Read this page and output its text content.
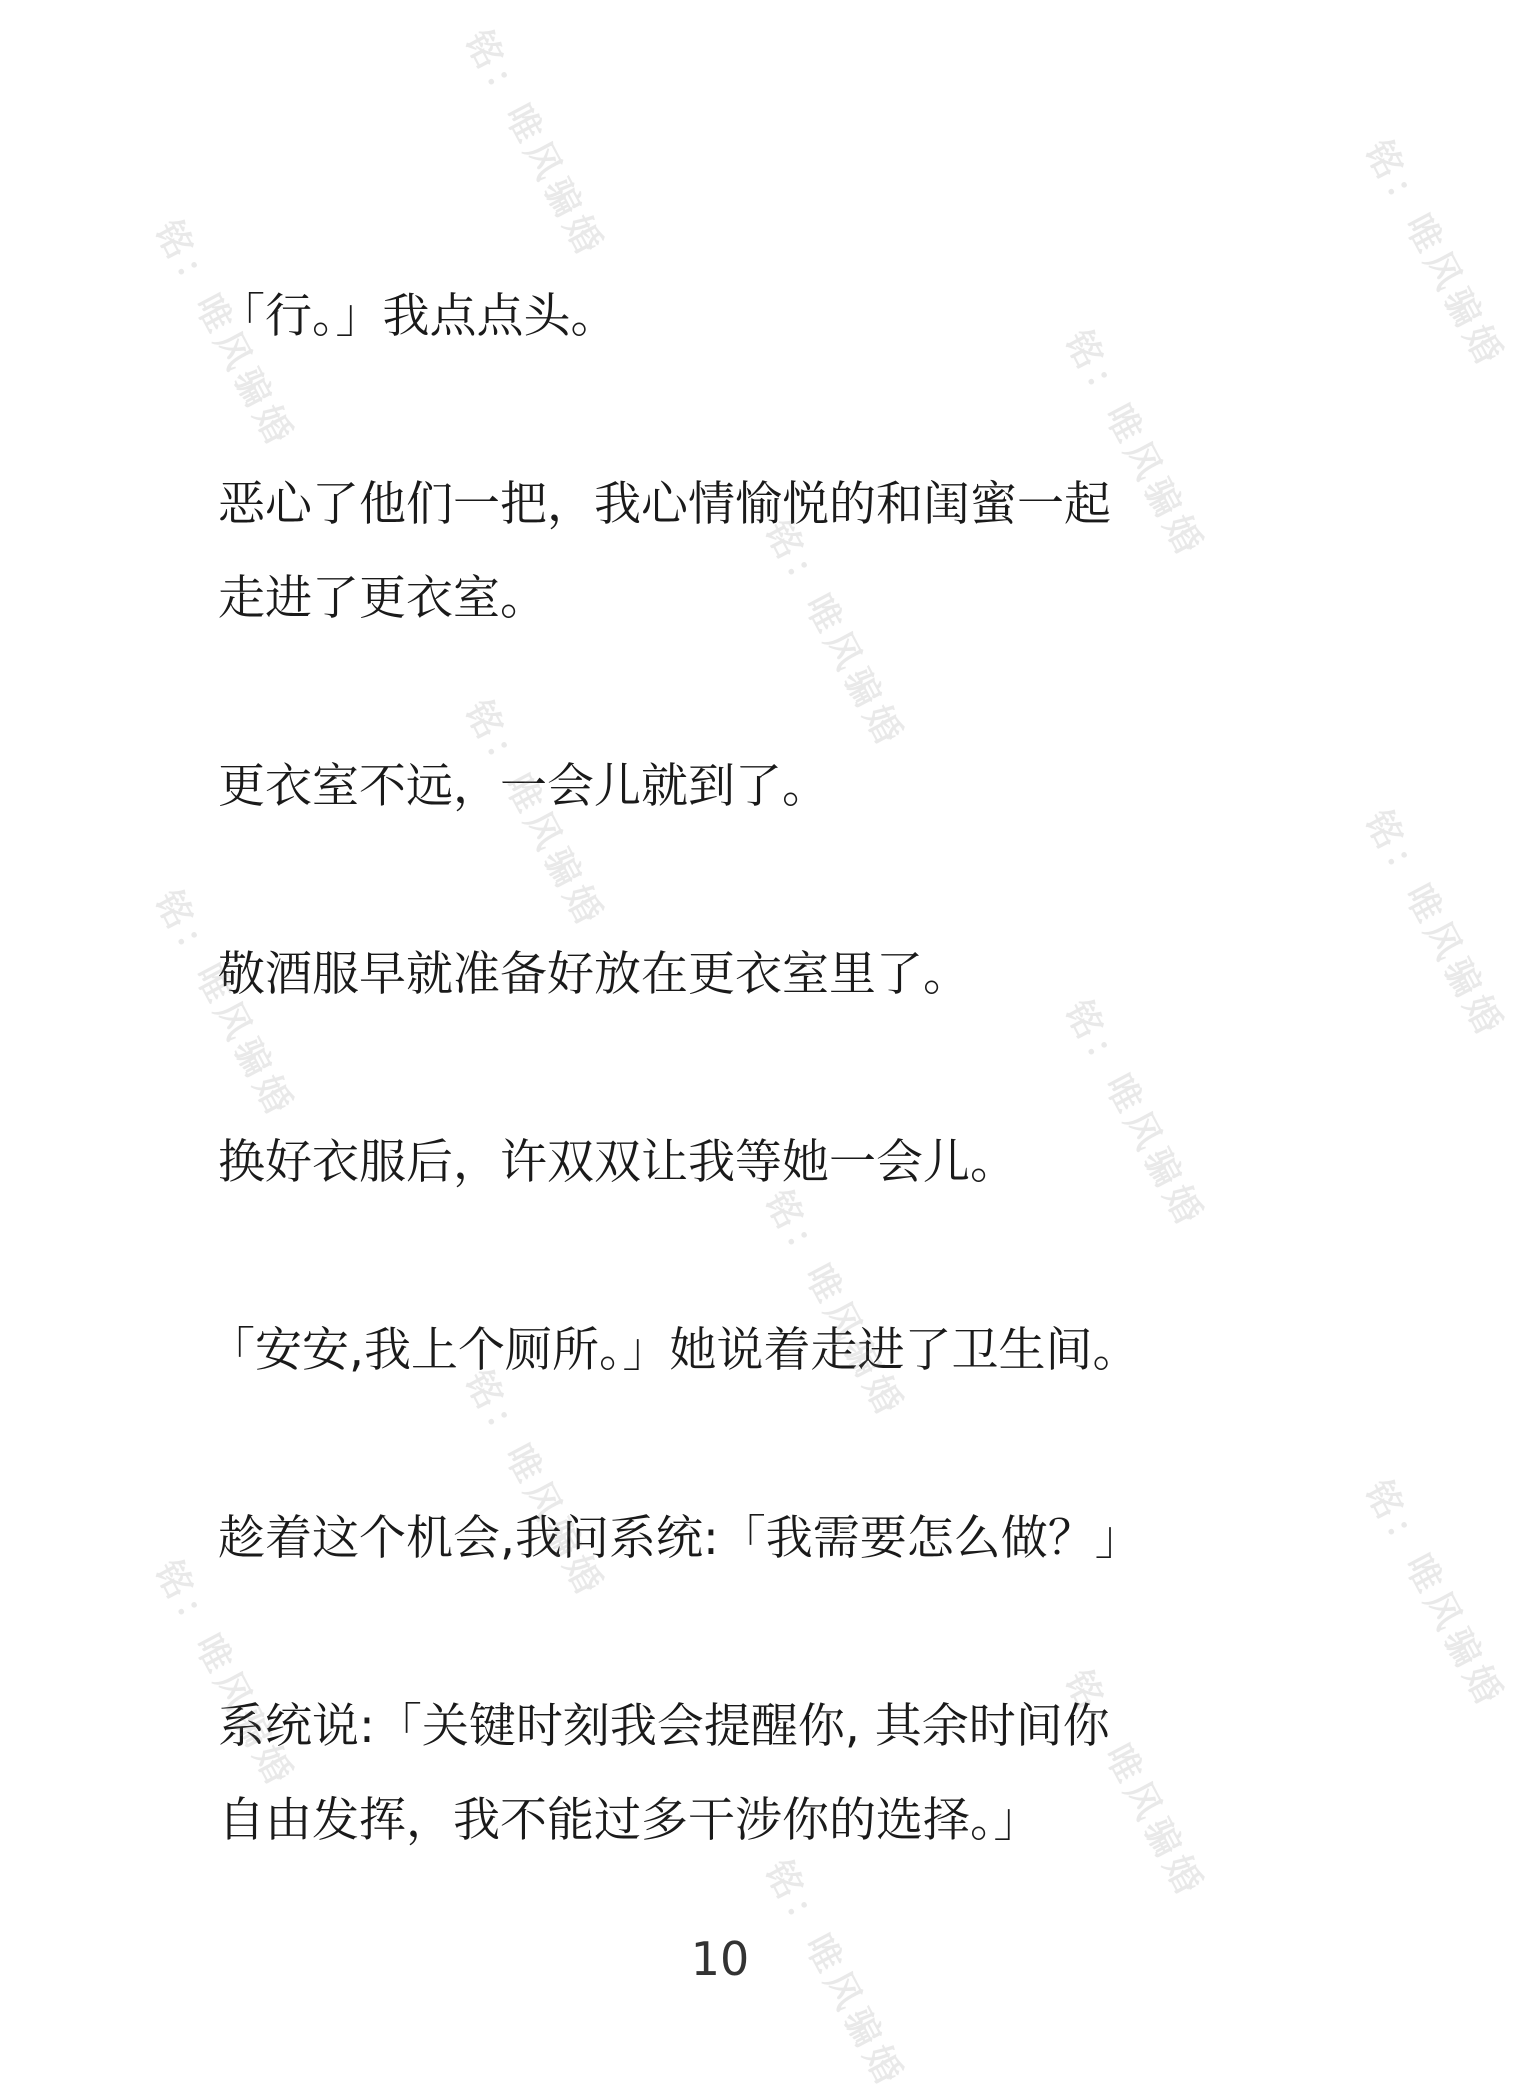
「行。」我点点头。

恶心了他们一把，我心情愉悦的和闺蜜一起

走进了更衣室。

更衣室不远，一会儿就到了。

敬酒服早就准备好放在更衣室里了。

换好衣服后，许双双让我等她一会儿。

「安安,我上个厕所。」她说着走进了卫生间。

趁着这个机会,我问系统:「我需要怎么做？」

系统说:「关键时刻我会提醒你, 其余时间你

自由发挥，我不能过多干涉你的选择。」

10
铭：唯风骗婚
铭：唯风骗婚	铭：唯风骗婚
铭：唯风骗婚
铭：唯风骗婚
铭：唯风骗婚
铭：唯风骗婚	铭：唯风骗婚
铭：唯风骗婚
铭：唯风骗婚
铭：唯风骗婚
铭：唯风骗婚	铭：唯风骗婚
铭：唯风骗婚
铭：唯风骗婚
